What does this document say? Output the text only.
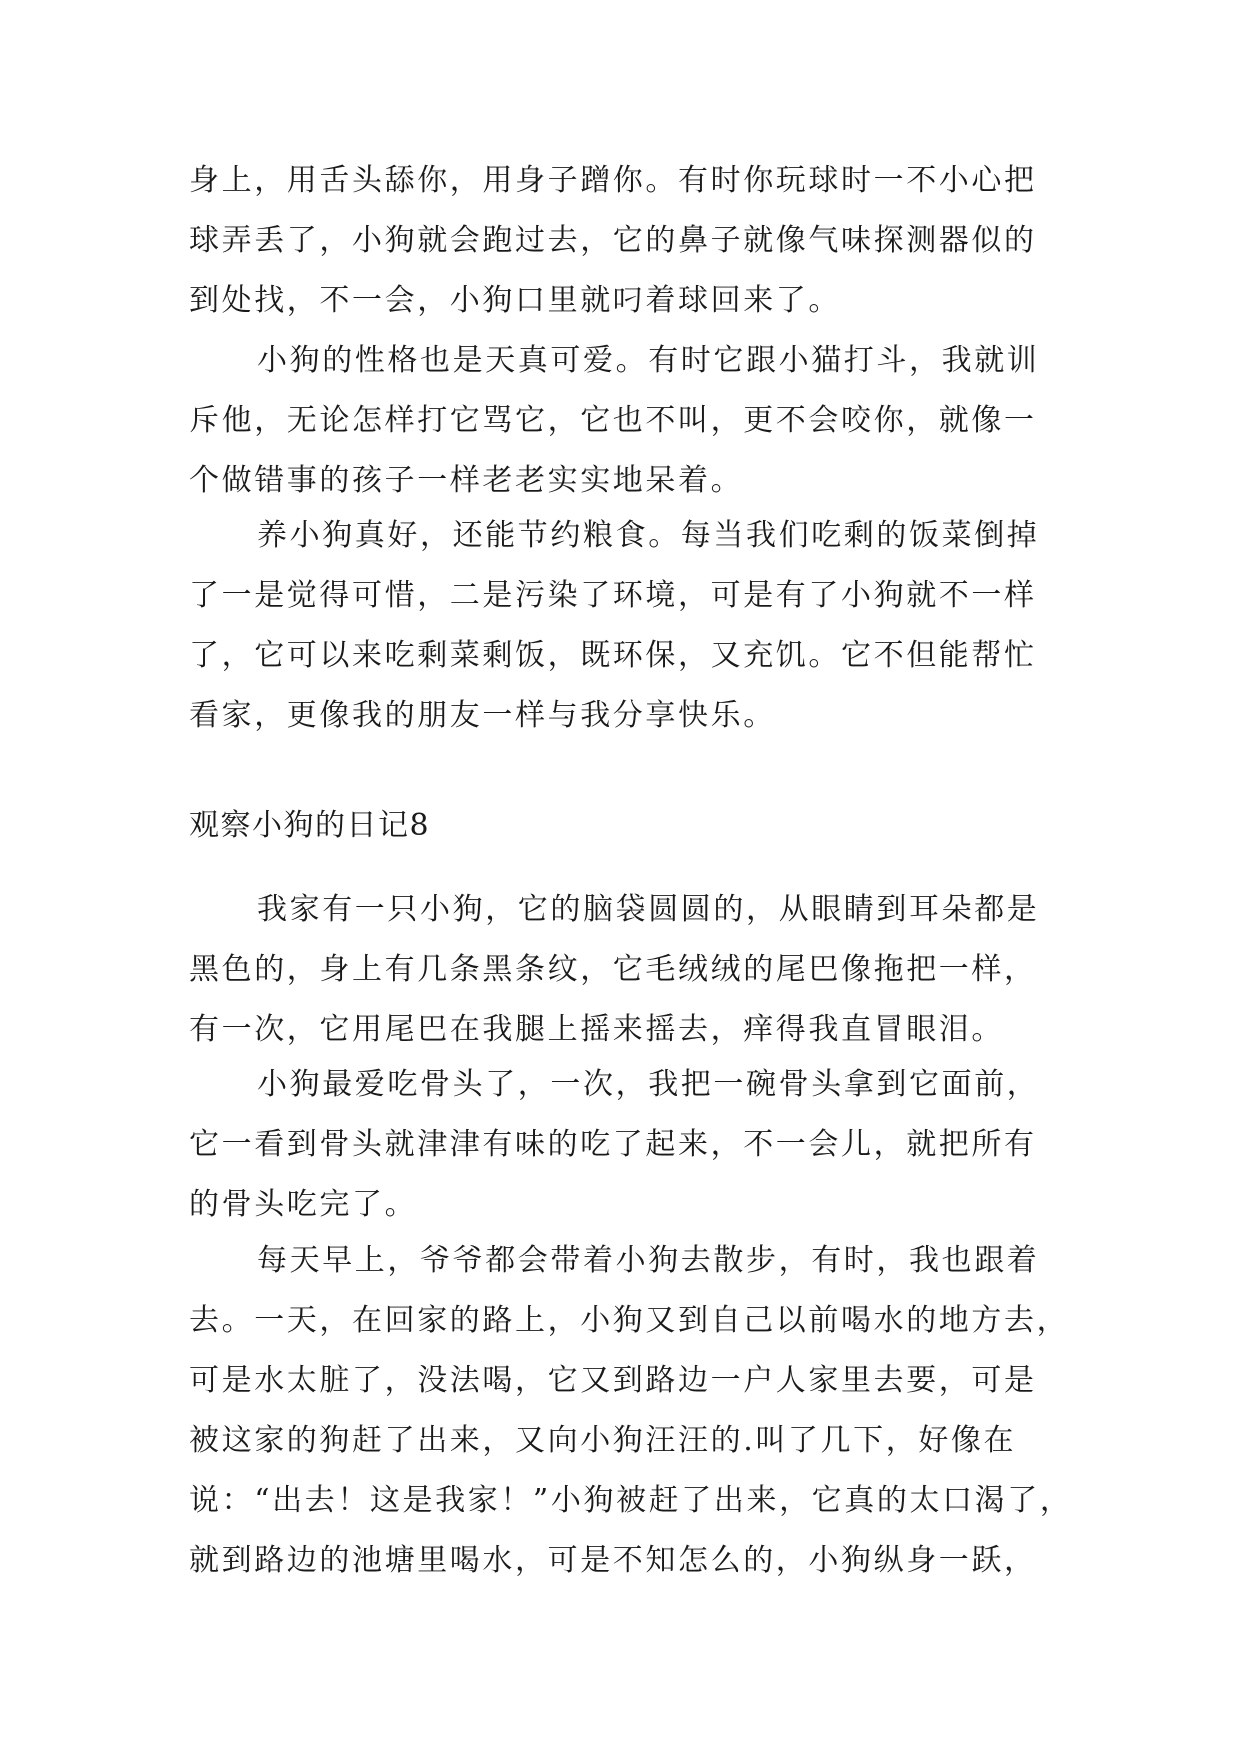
身上，用舌头舔你，用身子蹭你。有时你玩球时一不小心把
球弄丢了，小狗就会跑过去，它的鼻子就像气味探测器似的
到处找，不一会，小狗口里就叼着球回来了。
小狗的性格也是天真可爱。有时它跟小猫打斗，我就训
斥他，无论怎样打它骂它，它也不叫，更不会咬你，就像一
个做错事的孩子一样老老实实地呆着。
养小狗真好，还能节约粮食。每当我们吃剩的饭菜倒掉
了一是觉得可惜，二是污染了环境，可是有了小狗就不一样
了，它可以来吃剩菜剩饭，既环保，又充饥。它不但能帮忙
看家，更像我的朋友一样与我分享快乐。
观察小狗的日记8
我家有一只小狗，它的脑袋圆圆的，从眼睛到耳朵都是
黑色的，身上有几条黑条纹，它毛绒绒的尾巴像拖把一样，
有一次，它用尾巴在我腿上摇来摇去，痒得我直冒眼泪。
小狗最爱吃骨头了，一次，我把一碗骨头拿到它面前，
它一看到骨头就津津有味的吃了起来，不一会儿，就把所有
的骨头吃完了。
每天早上，爷爷都会带着小狗去散步，有时，我也跟着
去。一天，在回家的路上，小狗又到自己以前喝水的地方去，
可是水太脏了，没法喝，它又到路边一户人家里去要，可是
被这家的狗赶了出来，又向小狗汪汪的.叫了几下，好像在
说：“出去！这是我家！”小狗被赶了出来，它真的太口渴了，
就到路边的池塘里喝水，可是不知怎么的，小狗纵身一跃，
